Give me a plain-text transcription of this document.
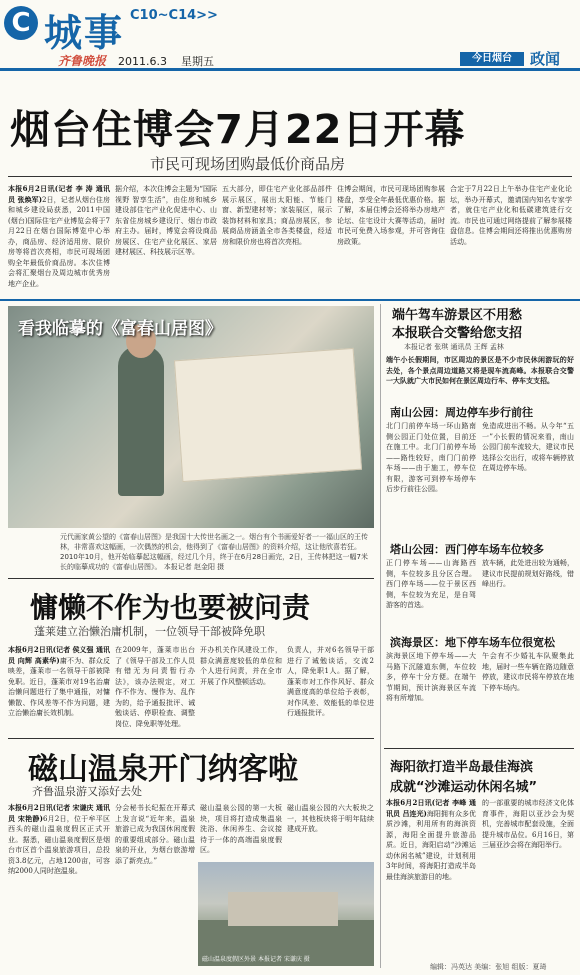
C 城事 C10~C14>>
齐鲁晚报 2011.6.3 星期五	今日烟台	政闻
烟台住博会7月22日开幕
市民可现场团购最低价商品房
本报6月2日讯(记者 李 涛 通讯员 张焕军)2日，记者从烟台住房和城乡建设局获悉，2011中国(烟台)国际住宅产业博览会将于7月22日在烟台国际博览中心举办，商品房、经济适用房、限价房等将首次亮相，市民可现场团购全年最低价商品房。本次住博会将汇聚烟台及周边城市优秀房地产企业。
据介绍，本次住博会主题为“国际视野 智享生活”，由住房和城乡建设部住宅产业化促进中心、山东省住房城乡建设厅、烟台市政府主办。届时，博览会将设商品房展区、住宅产业化展区、家居建材展区、科技展示区等。
五大部分，即住宅产业化部品部件展示展区，展出太阳能、节能门窗、新型建材等；家装展区，展示装饰材料和家具；商品房展区，参展商品房涵盖全市各类楼盘，经适房和限价房也将首次亮相。
住博会期间，市民可现场团购参展楼盘，享受全年最低优惠价格。据了解，本届住博会还将举办房地产论坛、住宅设计大赛等活动，届时市民可免费入场参观，并可咨询住房政策。
合定于7月22日上午举办住宅产业化论坛，举办开幕式，邀请国内知名专家学者，就住宅产业化和低碳建筑进行交流。市民也可通过网络提前了解参展楼盘信息。住博会期间还将推出优惠购房活动。
看我临摹的《富春山居图》
元代画家黄公望的《富春山居图》是我国十大传世名画之一。烟台有个书画爱好者一一福山区的王传林，非常喜欢这幅画，一次偶然的机会，他得到了《富春山居图》的资料介绍，这让他欣喜若狂。2010年10月，他开始临摹起这幅画，经过几个月，终于在6月28日画完，2日，王传林把这一幅7米长的临摹成功的《富春山居图》。 本报记者 赵金阳 摄
慵懒不作为也要被问责
蓬莱建立治懒治庸机制，一位领导干部被降免职
本报6月2日讯(记者 侯义强 通讯员 向辉 高素华)庸不为、群众反映差，蓬莱市一名领导干部被降免职。近日，蓬莱市对19名治庸治懒问题进行了集中通报，对慵懒散、作风差等不作为问题，建立治懒治庸长效机制。
在2009年，蓬莱市出台了《领导干部及工作人员有错无为问责暂行办法》，该办法规定，对工作不作为、慢作为、乱作为的，给予通报批评、诫勉谈话、停职检查、调整岗位、降免职等处理。
开办机关作风建设工作，群众满意度较低的单位和个人进行问责，并在全市开展了作风整顿活动。
负责人，并对6名领导干部进行了诫勉谈话，交流2人，降免职1人。据了解，蓬莱市对工作作风好、群众满意度高的单位给予表彰，对作风差、效能低的单位进行通报批评。
磁山温泉开门纳客啦
齐鲁温泉游又添好去处
本报6月2日讯(记者 宋谦庆 通讯员 宋艳静)6月2日，位于牟平区西头的磁山温泉度假区正式开业。据悉，磁山温泉度假区是烟台市区首个温泉旅游项目，总投资3.8亿元，占地1200亩，可容纳2000人同时泡温泉。
分会秘书长纪振在开幕式上发言说“近年来，温泉旅游已成为我国休闲度假的重要组成部分。磁山温泉的开业，为烟台旅游增添了新亮点。”
磁山温泉公园的第一大板块，项目将打造成集温泉洗浴、休闲养生、会议接待于一体的高端温泉度假区。
磁山温泉公园的六大板块之一，其他板块将于明年陆续建成开放。
磁山温泉度假区外景 本报记者 宋谦庆 摄
端午驾车游景区不用愁
本报联合交警给您支招
本报记者 张琪 通讯员 王辉 孟林
端午小长假期间，市区周边的景区是不少市民休闲游玩的好去处，各个景点周边道路又将是现车流高峰。本报联合交警一大队就广大市民如何在景区周边行车、停车支支招。
南山公园：周边停车步行前往
北门门前停车场一环山路南侧公园正门处位置，目前还在施工中。北门门前停车场——路性较好，南门门前停车场——由于施工，停车位有限，游客可到停车场停车后步行前往公园。
免造成进出不畅。从今年“五一”小长假的情况来看，南山公园门前车流较大，建议市民选择公交出行，或将车辆停放在周边停车场。
塔山公园：西门停车场车位较多
正门停车场——山海路西侧，车位较多且分区合理。西门停车场——位于景区西侧，车位较为充足，是自驾游客的首选。
放车辆，此处进出较为通畅，建议市民提前规划好路线，错峰出行。
滨海景区：地下停车场车位很宽松
滨海景区地下停车场——大马路下沉隧道东侧，车位较多，停车十分方便。在端午节期间，预计滨海景区车流将有所增加。
午会有不少婚礼车队聚集此地，届时一些车辆在路边随意停放，建议市民将车停放在地下停车场内。
海阳欲打造半岛最佳海滨
成就“沙滩运动休闲名城”
本报6月2日讯(记者 李峰 通讯员 吕连光)海阳拥有众多优质沙滩，利用所有的海滨资源，海阳全面提升旅游品质。近日，海阳启动“沙滩运动休闲名城”建设，计划利用3年时间，将海阳打造成半岛最佳海滨旅游目的地。
的一部重要的城市经济文化体育事件，海阳以亚沙会为契机，完善城市配套设施，全面提升城市品位。6月16日，第三届亚沙会将在海阳举行。
编辑：冯英达 美编：张旭 组版：夏琦
